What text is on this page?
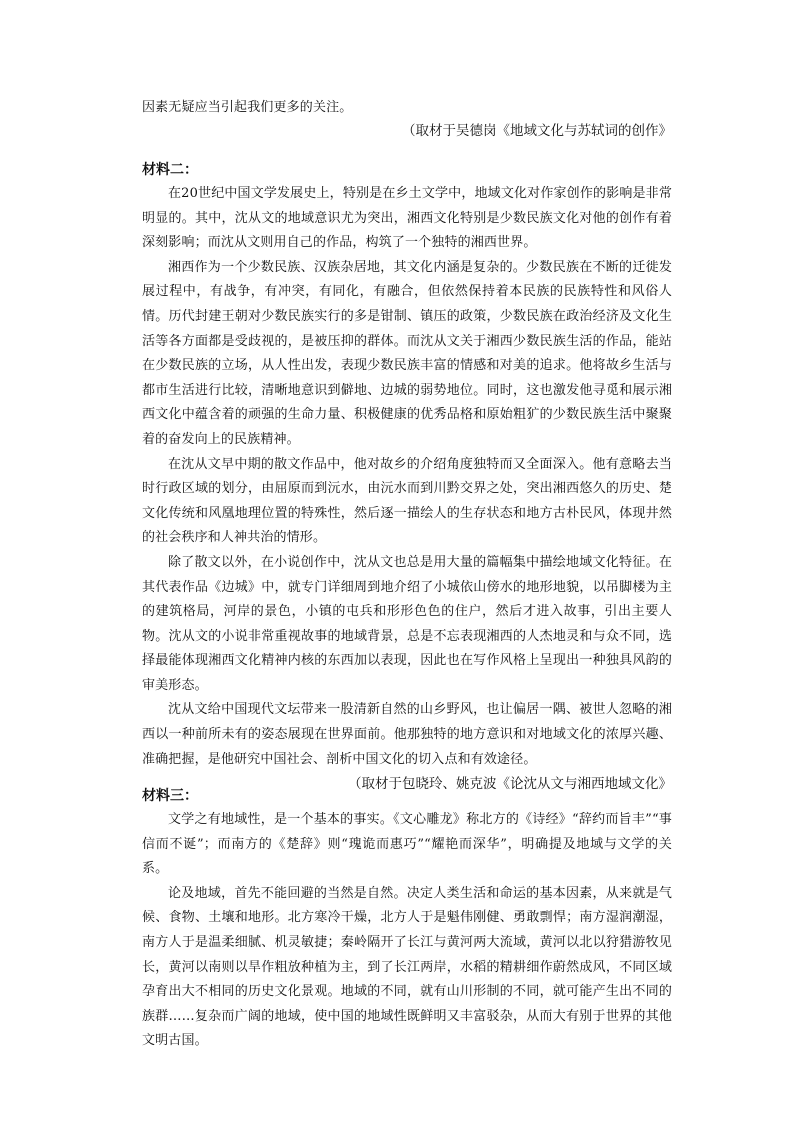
因素无疑应当引起我们更多的关注。

（取材于吴德岗《地域文化与苏轼词的创作》

材料二：

在20世纪中国文学发展史上，特别是在乡土文学中，地域文化对作家创作的影响是非常明显的。其中，沈从文的地域意识尤为突出，湘西文化特别是少数民族文化对他的创作有着深刻影响；而沈从文则用自己的作品，构筑了一个独特的湘西世界。

湘西作为一个少数民族、汉族杂居地，其文化内涵是复杂的。少数民族在不断的迁徙发展过程中，有战争，有冲突，有同化，有融合，但依然保持着本民族的民族特性和风俗人情。历代封建王朝对少数民族实行的多是钳制、镇压的政策，少数民族在政治经济及文化生活等各方面都是受歧视的，是被压抑的群体。而沈从文关于湘西少数民族生活的作品，能站在少数民族的立场，从人性出发，表现少数民族丰富的情感和对美的追求。他将故乡生活与都市生活进行比较，清晰地意识到僻地、边城的弱势地位。同时，这也激发他寻觅和展示湘西文化中蕴含着的顽强的生命力量、积极健康的优秀品格和原始粗犷的少数民族生活中聚聚着的奋发向上的民族精神。

在沈从文早中期的散文作品中，他对故乡的介绍角度独特而又全面深入。他有意略去当时行政区域的划分，由屈原而到沅水，由沅水而到川黔交界之处，突出湘西悠久的历史、楚文化传统和风凰地理位置的特殊性，然后逐一描绘人的生存状态和地方古朴民风，体现井然的社会秩序和人神共治的情形。

除了散文以外，在小说创作中，沈从文也总是用大量的篇幅集中描绘地域文化特征。在其代表作品《边城》中，就专门详细周到地介绍了小城依山傍水的地形地貌，以吊脚楼为主的建筑格局，河岸的景色，小镇的屯兵和形形色色的住户，然后才进入故事，引出主要人物。沈从文的小说非常重视故事的地域背景，总是不忘表现湘西的人杰地灵和与众不同，选择最能体现湘西文化精神内核的东西加以表现，因此也在写作风格上呈现出一种独具风韵的审美形态。

沈从文给中国现代文坛带来一股清新自然的山乡野风，也让偏居一隅、被世人忽略的湘西以一种前所未有的姿态展现在世界面前。他那独特的地方意识和对地域文化的浓厚兴趣、准确把握，是他研究中国社会、剖析中国文化的切入点和有效途径。

（取材于包晓玲、姚克波《论沈从文与湘西地域文化》

材料三：

文学之有地域性，是一个基本的事实。《文心雕龙》称北方的《诗经》“辞约而旨丰”“事信而不诞”；而南方的《楚辞》则“瑰诡而惠巧”“耀艳而深华”，明确提及地域与文学的关系。

论及地域，首先不能回避的当然是自然。决定人类生活和命运的基本因素，从来就是气候、食物、土壤和地形。北方寒冷干燥，北方人于是魁伟刚健、勇敢剽悍；南方湿润潮湿，南方人于是温柔细腻、机灵敏捷；秦岭隔开了长江与黄河两大流域，黄河以北以狩猎游牧见长，黄河以南则以旱作粗放种植为主，到了长江两岸，水稻的精耕细作蔚然成风，不同区域孕育出大不相同的历史文化景观。地域的不同，就有山川形制的不同，就可能产生出不同的族群……复杂而广阔的地域，使中国的地域性既鲜明又丰富驳杂，从而大有别于世界的其他文明古国。
